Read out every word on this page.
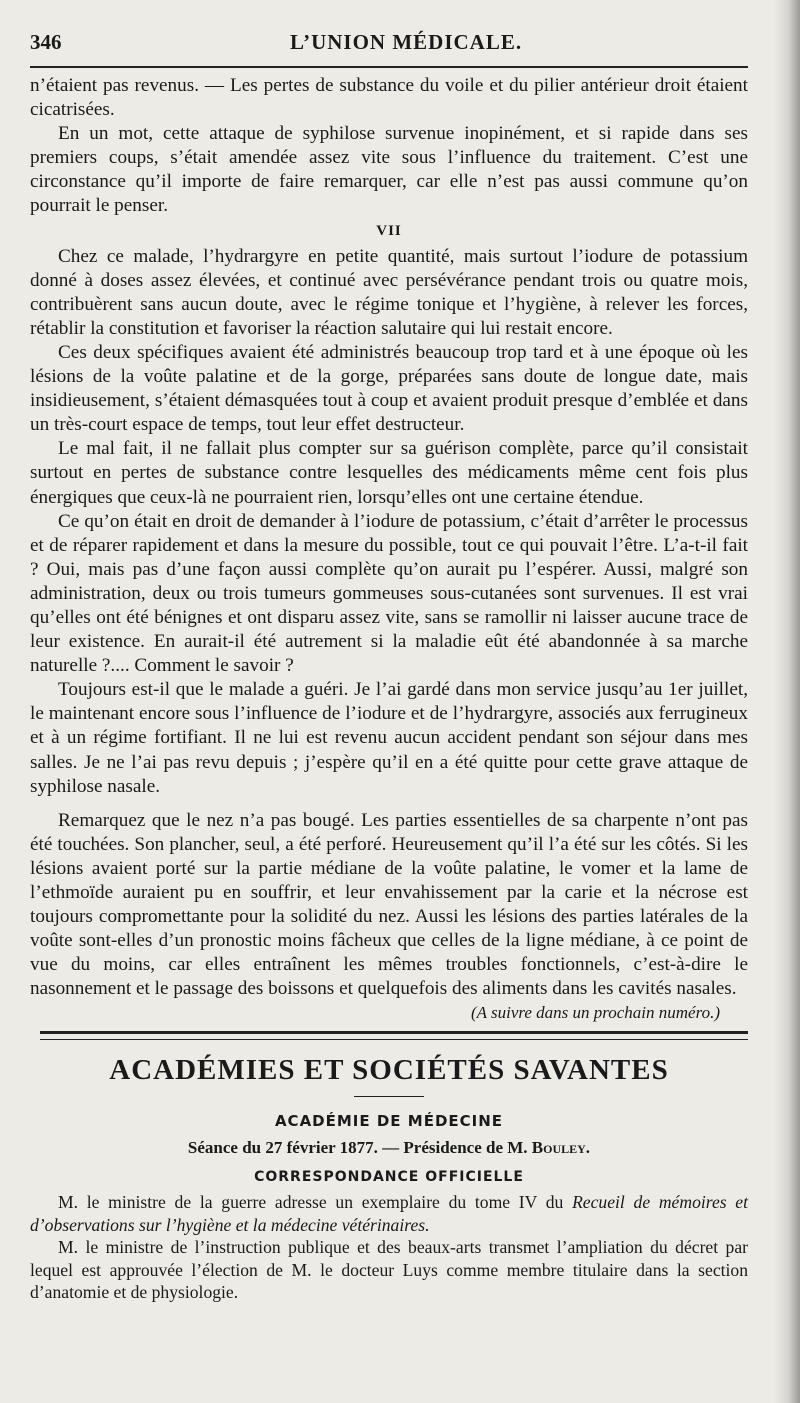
346	L’UNION MÉDICALE.

n’étaient pas revenus. — Les pertes de substance du voile et du pilier antérieur droit étaient cicatrisées.

En un mot, cette attaque de syphilose survenue inopinément, et si rapide dans ses premiers coups, s’était amendée assez vite sous l’influence du traitement. C’est une circonstance qu’il importe de faire remarquer, car elle n’est pas aussi commune qu’on pourrait le penser.

VII

Chez ce malade, l’hydrargyre en petite quantité, mais surtout l’iodure de potassium donné à doses assez élevées, et continué avec persévérance pendant trois ou quatre mois, contribuèrent sans aucun doute, avec le régime tonique et l’hygiène, à relever les forces, rétablir la constitution et favoriser la réaction salutaire qui lui restait encore.

Ces deux spécifiques avaient été administrés beaucoup trop tard et à une époque où les lésions de la voûte palatine et de la gorge, préparées sans doute de longue date, mais insidieusement, s’étaient démasquées tout à coup et avaient produit presque d’emblée et dans un très-court espace de temps, tout leur effet destructeur.

Le mal fait, il ne fallait plus compter sur sa guérison complète, parce qu’il consistait surtout en pertes de substance contre lesquelles des médicaments même cent fois plus énergiques que ceux-là ne pourraient rien, lorsqu’elles ont une certaine étendue.

Ce qu’on était en droit de demander à l’iodure de potassium, c’était d’arrêter le processus et de réparer rapidement et dans la mesure du possible, tout ce qui pouvait l’être. L’a-t-il fait ? Oui, mais pas d’une façon aussi complète qu’on aurait pu l’espérer. Aussi, malgré son administration, deux ou trois tumeurs gommeuses sous-cutanées sont survenues. Il est vrai qu’elles ont été bénignes et ont disparu assez vite, sans se ramollir ni laisser aucune trace de leur existence. En aurait-il été autrement si la maladie eût été abandonnée à sa marche naturelle ?.... Comment le savoir ?

Toujours est-il que le malade a guéri. Je l’ai gardé dans mon service jusqu’au 1er juillet, le maintenant encore sous l’influence de l’iodure et de l’hydrargyre, associés aux ferrugineux et à un régime fortifiant. Il ne lui est revenu aucun accident pendant son séjour dans mes salles. Je ne l’ai pas revu depuis ; j’espère qu’il en a été quitte pour cette grave attaque de syphilose nasale.

Remarquez que le nez n’a pas bougé. Les parties essentielles de sa charpente n’ont pas été touchées. Son plancher, seul, a été perforé. Heureusement qu’il l’a été sur les côtés. Si les lésions avaient porté sur la partie médiane de la voûte palatine, le vomer et la lame de l’ethmoïde auraient pu en souffrir, et leur envahissement par la carie et la nécrose est toujours compromettante pour la solidité du nez. Aussi les lésions des parties latérales de la voûte sont-elles d’un pronostic moins fâcheux que celles de la ligne médiane, à ce point de vue du moins, car elles entraînent les mêmes troubles fonctionnels, c’est-à-dire le nasonnement et le passage des boissons et quelquefois des aliments dans les cavités nasales.

(A suivre dans un prochain numéro.)
ACADÉMIES ET SOCIÉTÉS SAVANTES
ACADÉMIE DE MÉDECINE
Séance du 27 février 1877. — Présidence de M. Bouley.
CORRESPONDANCE OFFICIELLE

M. le ministre de la guerre adresse un exemplaire du tome IV du Recueil de mémoires et d’observations sur l’hygiène et la médecine vétérinaires.

M. le ministre de l’instruction publique et des beaux-arts transmet l’ampliation du décret par lequel est approuvée l’élection de M. le docteur Luys comme membre titulaire dans la section d’anatomie et de physiologie.
